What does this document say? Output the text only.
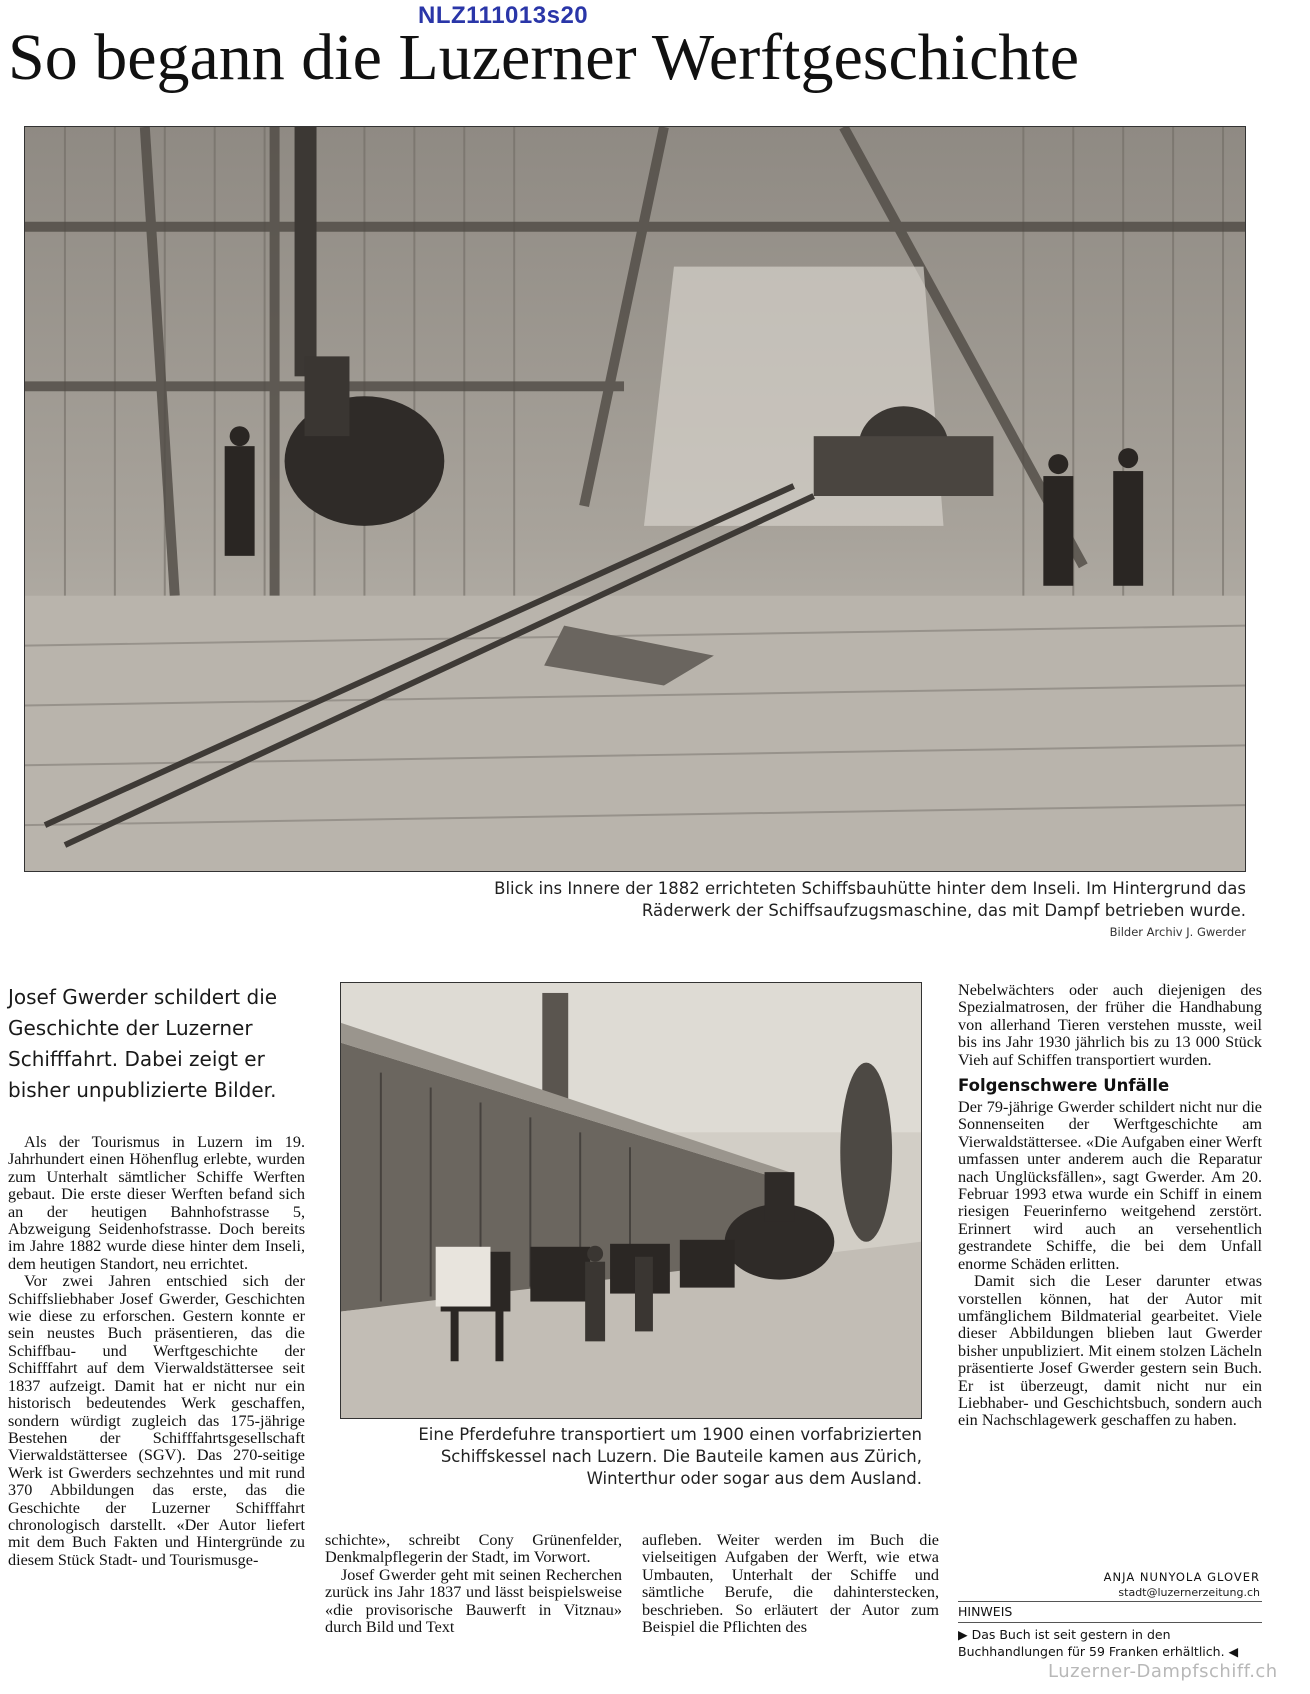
NLZ111013s20
So begann die Luzerner Werftgeschichte
Blick ins Innere der 1882 errichteten Schiffsbauhütte hinter dem Inseli. Im Hintergrund das
Räderwerk der Schiffsaufzugsmaschine, das mit Dampf betrieben wurde.
Bilder Archiv J. Gwerder
Josef Gwerder schildert die Geschichte der Luzerner Schifffahrt. Dabei zeigt er bisher unpublizierte Bilder.
Eine Pferdefuhre transportiert um 1900 einen vorfabrizierten
Schiffskessel nach Luzern. Die Bauteile kamen aus Zürich,
Winterthur oder sogar aus dem Ausland.

Als der Tourismus in Luzern im 19. Jahrhundert einen Höhenflug erlebte, wurden zum Unterhalt sämtlicher Schiffe Werften gebaut. Die erste dieser Werften befand sich an der heutigen Bahnhofstrasse 5, Abzweigung Seidenhofstrasse. Doch bereits im Jahre 1882 wurde diese hinter dem Inseli, dem heutigen Standort, neu errichtet.

Vor zwei Jahren entschied sich der Schiffsliebhaber Josef Gwerder, Geschichten wie diese zu erforschen. Gestern konnte er sein neustes Buch präsentieren, das die Schiffbau- und Werftgeschichte der Schifffahrt auf dem Vierwaldstättersee seit 1837 aufzeigt. Damit hat er nicht nur ein historisch bedeutendes Werk geschaffen, sondern würdigt zugleich das 175-jährige Bestehen der Schifffahrtsgesellschaft Vierwaldstättersee (SGV). Das 270-seitige Werk ist Gwerders sechzehntes und mit rund 370 Abbildungen das erste, das die Geschichte der Luzerner Schifffahrt chronologisch darstellt. «Der Autor liefert mit dem Buch Fakten und Hintergründe zu diesem Stück Stadt- und Tourismusge-

schichte», schreibt Cony Grünenfelder, Denkmalpflegerin der Stadt, im Vorwort.

Josef Gwerder geht mit seinen Recherchen zurück ins Jahr 1837 und lässt beispielsweise «die provisorische Bauwerft in Vitznau» durch Bild und Text

aufleben. Weiter werden im Buch die vielseitigen Aufgaben der Werft, wie etwa Umbauten, Unterhalt der Schiffe und sämtliche Berufe, die dahinterstecken, beschrieben. So erläutert der Autor zum Beispiel die Pflichten des

Nebelwächters oder auch diejenigen des Spezialmatrosen, der früher die Handhabung von allerhand Tieren verstehen musste, weil bis ins Jahr 1930 jährlich bis zu 13 000 Stück Vieh auf Schiffen transportiert wurden.

Folgenschwere Unfälle

Der 79-jährige Gwerder schildert nicht nur die Sonnenseiten der Werftgeschichte am Vierwaldstättersee. «Die Aufgaben einer Werft umfassen unter anderem auch die Reparatur nach Unglücksfällen», sagt Gwerder. Am 20. Februar 1993 etwa wurde ein Schiff in einem riesigen Feuerinferno weitgehend zerstört. Erinnert wird auch an versehentlich gestrandete Schiffe, die bei dem Unfall enorme Schäden erlitten.

Damit sich die Leser darunter etwas vorstellen können, hat der Autor mit umfänglichem Bildmaterial gearbeitet. Viele dieser Abbildungen blieben laut Gwerder bisher unpubliziert. Mit einem stolzen Lächeln präsentierte Josef Gwerder gestern sein Buch. Er ist überzeugt, damit nicht nur ein Liebhaber- und Geschichtsbuch, sondern auch ein Nachschlagewerk geschaffen zu haben.

ANJA NUNYOLA GLOVER
stadt@luzernerzeitung.ch
HINWEIS
▶ Das Buch ist seit gestern in den Buchhandlungen für 59 Franken erhältlich. ◀
Luzerner-Dampfschiff.ch
